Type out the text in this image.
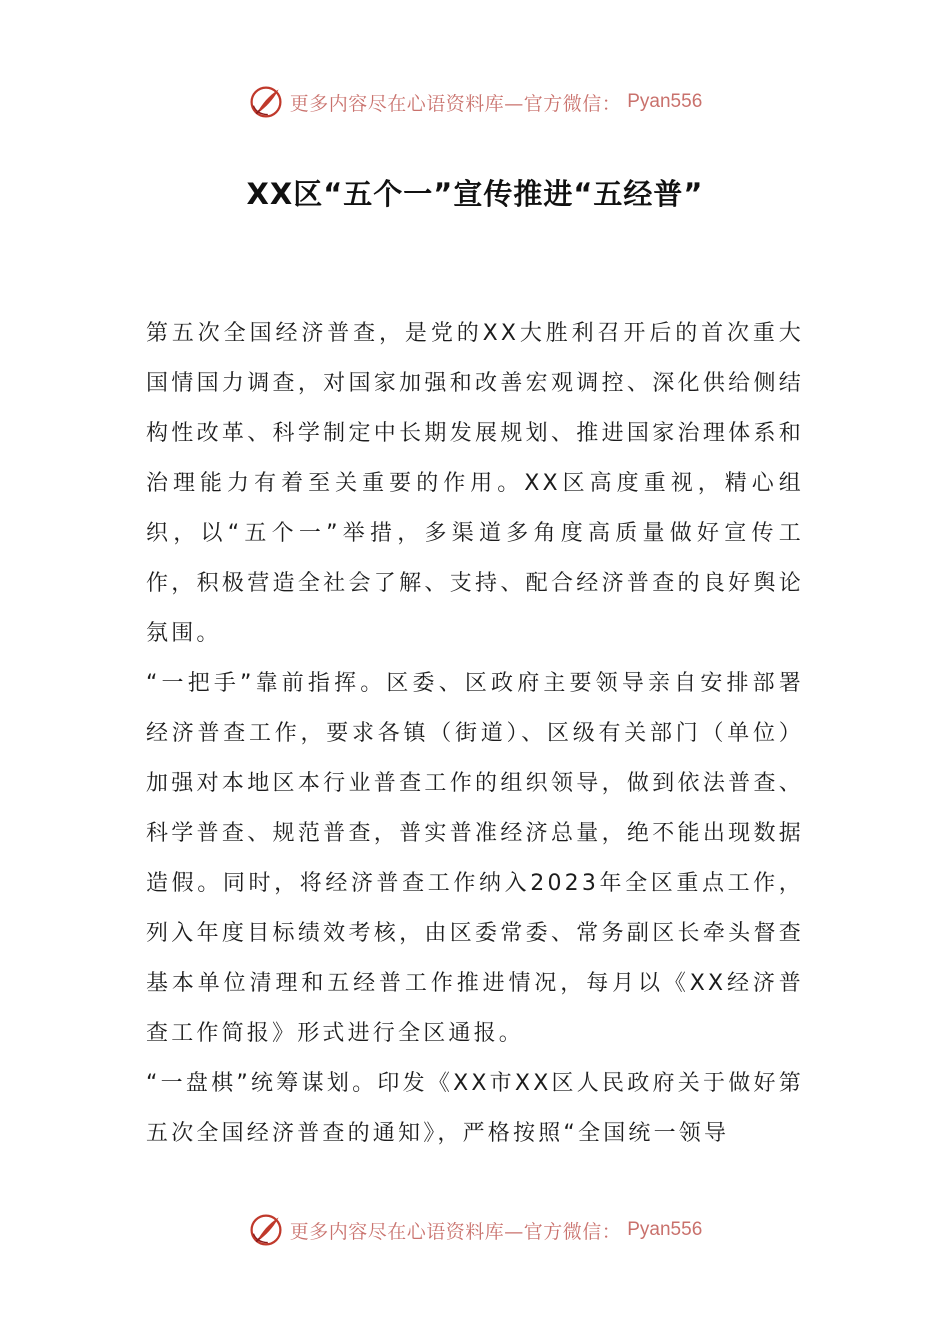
更多内容尽在心语资料库—官方微信： Pyan556
XX区“五个一”宣传推进“五经普”

第五次全国经济普查，是党的XX大胜利召开后的首次重大国情国力调查，对国家加强和改善宏观调控、深化供给侧结构性改革、科学制定中长期发展规划、推进国家治理体系和治理能力有着至关重要的作用。XX区高度重视，精心组织，以“五个一”举措，多渠道多角度高质量做好宣传工作，积极营造全社会了解、支持、配合经济普查的良好舆论氛围。

“一把手”靠前指挥。区委、区政府主要领导亲自安排部署经济普查工作，要求各镇（街道）、区级有关部门（单位）加强对本地区本行业普查工作的组织领导，做到依法普查、科学普查、规范普查，普实普准经济总量，绝不能出现数据造假。同时，将经济普查工作纳入2023年全区重点工作，列入年度目标绩效考核，由区委常委、常务副区长牵头督查基本单位清理和五经普工作推进情况，每月以《XX经济普查工作简报》形式进行全区通报。

“一盘棋”统筹谋划。印发《XX市XX区人民政府关于做好第五次全国经济普查的通知》，严格按照“全国统一领导

更多内容尽在心语资料库—官方微信： Pyan556
